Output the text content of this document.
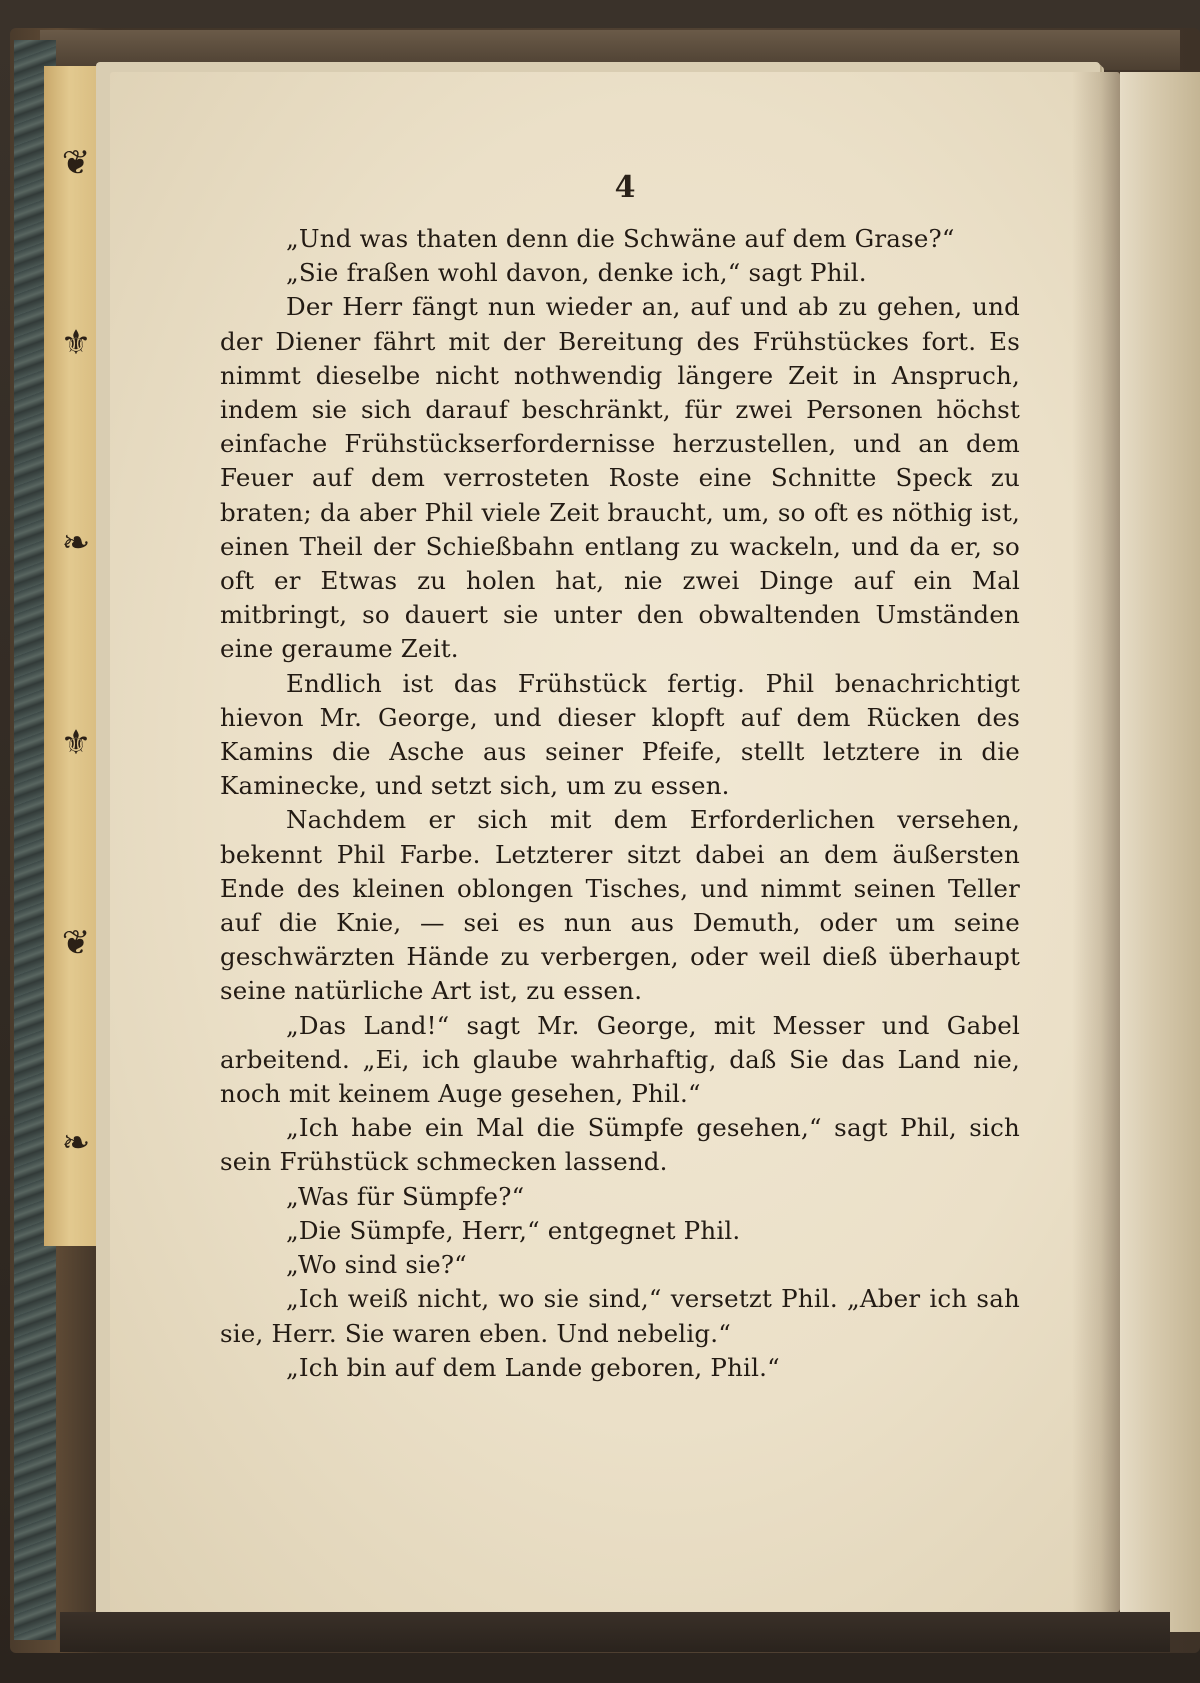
❦
⚜
❧
⚜
❦
❧
4

„Und was thaten denn die Schwäne auf dem Grase?“

„Sie fraßen wohl davon, denke ich,“ sagt Phil.

Der Herr fängt nun wieder an, auf und ab zu gehen, und der Diener fährt mit der Bereitung des Frühstückes fort. Es nimmt dieselbe nicht nothwendig längere Zeit in Anspruch, indem sie sich darauf beschränkt, für zwei Personen höchst einfache Frühstückserfordernisse herzustellen, und an dem Feuer auf dem verrosteten Roste eine Schnitte Speck zu braten; da aber Phil viele Zeit braucht, um, so oft es nöthig ist, einen Theil der Schießbahn entlang zu wackeln, und da er, so oft er Etwas zu holen hat, nie zwei Dinge auf ein Mal mitbringt, so dauert sie unter den obwaltenden Umständen eine geraume Zeit.

Endlich ist das Frühstück fertig. Phil benachrichtigt hievon Mr. George, und dieser klopft auf dem Rücken des Kamins die Asche aus seiner Pfeife, stellt letztere in die Kaminecke, und setzt sich, um zu essen.

Nachdem er sich mit dem Erforderlichen versehen, bekennt Phil Farbe. Letzterer sitzt dabei an dem äußersten Ende des kleinen oblongen Tisches, und nimmt seinen Teller auf die Knie, — sei es nun aus Demuth, oder um seine geschwärzten Hände zu verbergen, oder weil dieß überhaupt seine natürliche Art ist, zu essen.

„Das Land!“ sagt Mr. George, mit Messer und Gabel arbeitend. „Ei, ich glaube wahrhaftig, daß Sie das Land nie, noch mit keinem Auge gesehen, Phil.“

„Ich habe ein Mal die Sümpfe gesehen,“ sagt Phil, sich sein Frühstück schmecken lassend.

„Was für Sümpfe?“

„Die Sümpfe, Herr,“ entgegnet Phil.

„Wo sind sie?“

„Ich weiß nicht, wo sie sind,“ versetzt Phil. „Aber ich sah sie, Herr. Sie waren eben. Und nebelig.“

„Ich bin auf dem Lande geboren, Phil.“
